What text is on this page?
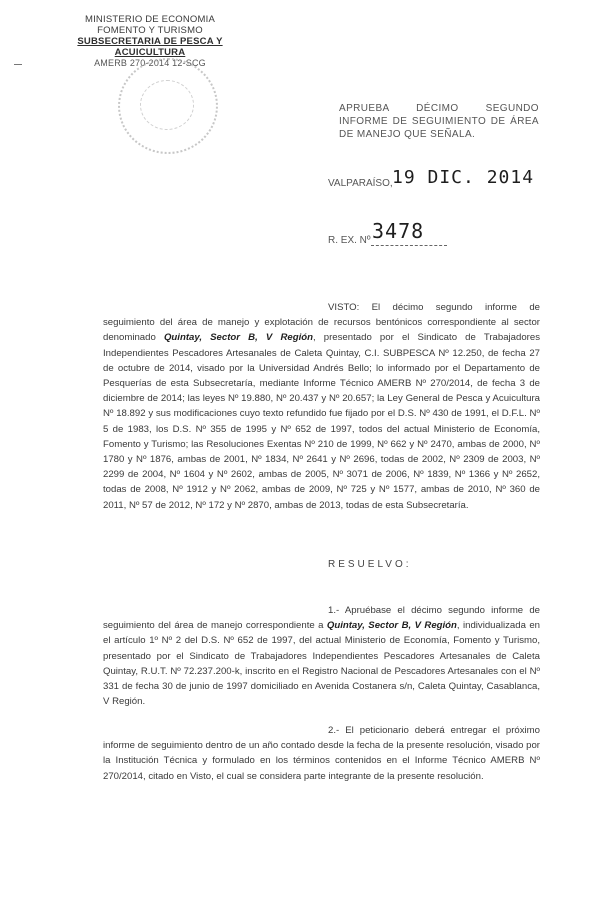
MINISTERIO DE ECONOMIA
FOMENTO Y TURISMO
SUBSECRETARIA DE PESCA Y ACUICULTURA
AMERB 270-2014 12-SCG
APRUEBA DÉCIMO SEGUNDO INFORME DE SEGUIMIENTO DE ÁREA DE MANEJO QUE SEÑALA.
VALPARAÍSO, 19 DIC. 2014
R. EX. Nº 3478
VISTO: El décimo segundo informe de seguimiento del área de manejo y explotación de recursos bentónicos correspondiente al sector denominado Quintay, Sector B, V Región, presentado por el Sindicato de Trabajadores Independientes Pescadores Artesanales de Caleta Quintay, C.I. SUBPESCA Nº 12.250, de fecha 27 de octubre de 2014, visado por la Universidad Andrés Bello; lo informado por el Departamento de Pesquerías de esta Subsecretaría, mediante Informe Técnico AMERB Nº 270/2014, de fecha 3 de diciembre de 2014; las leyes Nº 19.880, Nº 20.437 y Nº 20.657; la Ley General de Pesca y Acuicultura Nº 18.892 y sus modificaciones cuyo texto refundido fue fijado por el D.S. Nº 430 de 1991, el D.F.L. Nº 5 de 1983, los D.S. Nº 355 de 1995 y Nº 652 de 1997, todos del actual Ministerio de Economía, Fomento y Turismo; las Resoluciones Exentas Nº 210 de 1999, Nº 662 y Nº 2470, ambas de 2000, Nº 1780 y Nº 1876, ambas de 2001, Nº 1834, Nº 2641 y Nº 2696, todas de 2002, Nº 2309 de 2003, Nº 2299 de 2004, Nº 1604 y Nº 2602, ambas de 2005, Nº 3071 de 2006, Nº 1839, Nº 1366 y Nº 2652, todas de 2008, Nº 1912 y Nº 2062, ambas de 2009, Nº 725 y Nº 1577, ambas de 2010, Nº 360 de 2011, Nº 57 de 2012, Nº 172 y Nº 2870, ambas de 2013, todas de esta Subsecretaría.
RESUELVO:
1.- Apruébase el décimo segundo informe de seguimiento del área de manejo correspondiente a Quintay, Sector B, V Región, individualizada en el artículo 1º Nº 2 del D.S. Nº 652 de 1997, del actual Ministerio de Economía, Fomento y Turismo, presentado por el Sindicato de Trabajadores Independientes Pescadores Artesanales de Caleta Quintay, R.U.T. Nº 72.237.200-k, inscrito en el Registro Nacional de Pescadores Artesanales con el Nº 331 de fecha 30 de junio de 1997 domiciliado en Avenida Costanera s/n, Caleta Quintay, Casablanca, V Región.
2.- El peticionario deberá entregar el próximo informe de seguimiento dentro de un año contado desde la fecha de la presente resolución, visado por la Institución Técnica y formulado en los términos contenidos en el Informe Técnico AMERB Nº 270/2014, citado en Visto, el cual se considera parte integrante de la presente resolución.
